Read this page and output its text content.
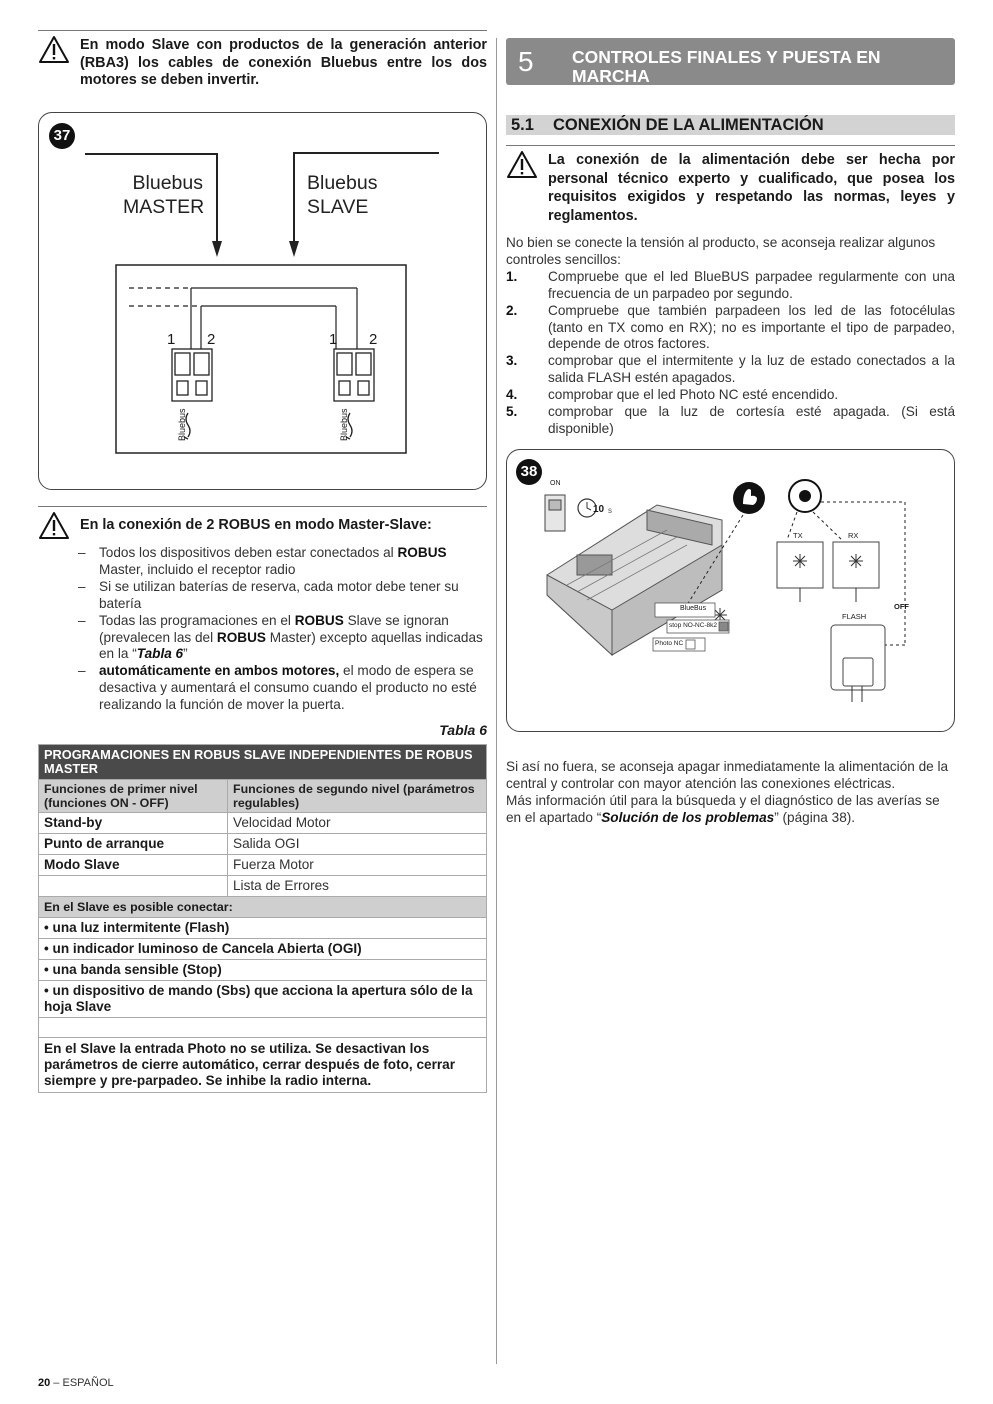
En modo Slave con productos de la generación anterior (RBA3) los cables de conexión Bluebus entre los dos motores se deben invertir.

37
Bluebus
MASTER
Bluebus
SLAVE
1 2	1 2
Bluebus	Bluebus

En la conexión de 2 ROBUS en modo Master-Slave:

– Todos los dispositivos deben estar conectados al ROBUS Master, incluido el receptor radio
– Si se utilizan baterías de reserva, cada motor debe tener su batería
– Todas las programaciones en el ROBUS Slave se ignoran (prevalecen las del ROBUS Master) excepto aquellas indicadas en la “Tabla 6”
– automáticamente en ambos motores, el modo de espera se desactiva y aumentará el consumo cuando el producto no esté realizando la función de mover la puerta.
Tabla 6
PROGRAMACIONES EN ROBUS SLAVE INDEPENDIENTES DE ROBUS MASTER	
Funciones de primer nivel (funciones ON - OFF)	Funciones de segundo nivel (parámetros regulables)
Stand-by	Velocidad Motor
Punto de arranque	Salida OGI
Modo Slave	Fuerza Motor
	Lista de Errores
En el Slave es posible conectar:	
• una luz intermitente (Flash)	
• un indicador luminoso de Cancela Abierta (OGI)	
• una banda sensible (Stop)	
• un dispositivo de mando (Sbs) que acciona la apertura sólo de la hoja Slave	

En el Slave la entrada Photo no se utiliza. Se desactivan los parámetros de cierre automático, cerrar después de foto, cerrar siempre y pre-parpadeo. Se inhibe la radio interna.	
5 CONTROLES FINALES Y PUESTA EN MARCHA
5.1 CONEXIÓN DE LA ALIMENTACIÓN

La conexión de la alimentación debe ser hecha por personal técnico experto y cualificado, que posea los requisitos exigidos y respetando las normas, leyes y reglamentos.

No bien se conecte la tensión al producto, se aconseja realizar algunos controles sencillos:

1. Compruebe que el led BlueBUS parpadee regularmente con una frecuencia de un parpadeo por segundo.
2. Compruebe que también parpadeen los led de las fotocélulas (tanto en TX como en RX); no es importante el tipo de parpadeo, depende de otros factores.
3. comprobar que el intermitente y la luz de estado conectados a la salida FLASH estén apagados.
4. comprobar que el led Photo NC esté encendido.
5. comprobar que la luz de cortesía esté apagada. (Si está disponible)
38
ON
10 s
TX	RX
FLASH
OFF
BlueBus
stop NO-NC-8k2
Photo NC

Si así no fuera, se aconseja apagar inmediatamente la alimentación de la central y controlar con mayor atención las conexiones eléctricas.

Más información útil para la búsqueda y el diagnóstico de las averías se en el apartado “Solución de los problemas” (página 38).

20 – ESPAÑOL
